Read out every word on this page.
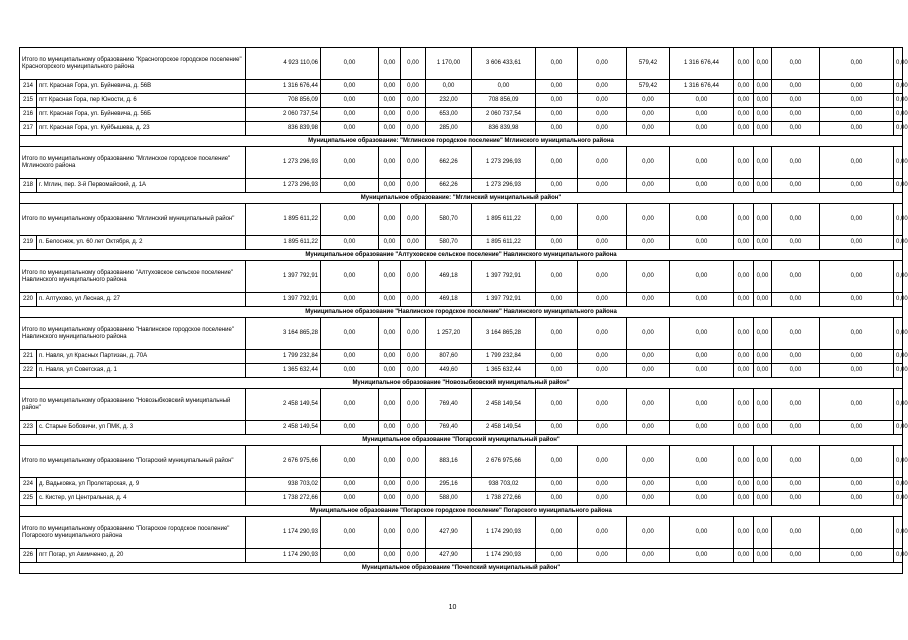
Итого по муниципальному образованию "Красногорское городское поселение" Красногорского муниципального района		4 923 110,06	0,00	0,00	0,00	1 170,00	3 606 433,61	0,00	0,00	579,42	1 316 676,44	0,00	0,00	0,00	0,00	0,00	
214	пгт. Красная Гора, ул. Буйневича, д. 56В	1 316 676,44	0,00	0,00	0,00	0,00	0,00	0,00	0,00	579,42	1 316 676,44	0,00	0,00	0,00	0,00	0,00	
215	пгт Красная Гора, пер Юности, д. 6	708 856,09	0,00	0,00	0,00	232,00	708 856,09	0,00	0,00	0,00	0,00	0,00	0,00	0,00	0,00	0,00	
216	пгт. Красная Гора, ул. Буйневича, д. 56Б	2 060 737,54	0,00	0,00	0,00	653,00	2 060 737,54	0,00	0,00	0,00	0,00	0,00	0,00	0,00	0,00	0,00	
217	пгт. Красная Гора, ул. Куйбышева, д. 23	836 839,98	0,00	0,00	0,00	285,00	836 839,98	0,00	0,00	0,00	0,00	0,00	0,00	0,00	0,00	0,00	
Муниципальное образование: "Мглинское городское поселение" Мглинского муниципального района																	
Итого по муниципальному образованию "Мглинское городское поселение" Мглинского района		1 273 296,93	0,00	0,00	0,00	662,26	1 273 296,93	0,00	0,00	0,00	0,00	0,00	0,00	0,00	0,00	0,00	
218	г. Мглин, пер. 3-й Первомайский, д. 1А	1 273 296,93	0,00	0,00	0,00	662,26	1 273 296,93	0,00	0,00	0,00	0,00	0,00	0,00	0,00	0,00	0,00	
Муниципальное образование: "Мглинский муниципальный район"																	
Итого по муниципальному образованию "Мглинский муниципальный район"		1 895 611,22	0,00	0,00	0,00	580,70	1 895 611,22	0,00	0,00	0,00	0,00	0,00	0,00	0,00	0,00	0,00	
219	п. Белоснеж, ул. 60 лет Октября, д. 2	1 895 611,22	0,00	0,00	0,00	580,70	1 895 611,22	0,00	0,00	0,00	0,00	0,00	0,00	0,00	0,00	0,00	
Муниципальное образование "Алтуховское сельское поселение" Навлинского муниципального района																	
Итого по муниципальному образованию "Алтуховское сельское поселение" Навлинского муниципального района		1 397 792,91	0,00	0,00	0,00	469,18	1 397 792,91	0,00	0,00	0,00	0,00	0,00	0,00	0,00	0,00	0,00	
220	п. Алтухово, ул Лесная, д. 27	1 397 792,91	0,00	0,00	0,00	469,18	1 397 792,91	0,00	0,00	0,00	0,00	0,00	0,00	0,00	0,00	0,00	
Муниципальное образование "Навлинское городское поселение" Навлинского муниципального района																	
Итого по муниципальному образованию "Навлинское городское поселение" Навлинского муниципального района		3 164 865,28	0,00	0,00	0,00	1 257,20	3 164 865,28	0,00	0,00	0,00	0,00	0,00	0,00	0,00	0,00	0,00	
221	п. Навля, ул Красных Партизан, д. 70А	1 799 232,84	0,00	0,00	0,00	807,60	1 799 232,84	0,00	0,00	0,00	0,00	0,00	0,00	0,00	0,00	0,00	
222	п. Навля, ул Советская, д. 1	1 365 632,44	0,00	0,00	0,00	449,60	1 365 632,44	0,00	0,00	0,00	0,00	0,00	0,00	0,00	0,00	0,00	
Муниципальное образование "Новозыбковский муниципальный район"																	
Итого по муниципальному образованию "Новозыбковский муниципальный район"		2 458 149,54	0,00	0,00	0,00	769,40	2 458 149,54	0,00	0,00	0,00	0,00	0,00	0,00	0,00	0,00	0,00	
223	с. Старые Бобовичи, ул ПМК, д. 3	2 458 149,54	0,00	0,00	0,00	769,40	2 458 149,54	0,00	0,00	0,00	0,00	0,00	0,00	0,00	0,00	0,00	
Муниципальное образование "Погарский муниципальный район"																	
Итого по муниципальному образованию "Погарский муниципальный район"		2 676 975,66	0,00	0,00	0,00	883,16	2 676 975,66	0,00	0,00	0,00	0,00	0,00	0,00	0,00	0,00	0,00	
224	д. Вадьковка, ул Пролетарская, д. 9	938 703,02	0,00	0,00	0,00	295,16	938 703,02	0,00	0,00	0,00	0,00	0,00	0,00	0,00	0,00	0,00	
225	с. Кистер, ул Центральная, д. 4	1 738 272,66	0,00	0,00	0,00	588,00	1 738 272,66	0,00	0,00	0,00	0,00	0,00	0,00	0,00	0,00	0,00	
Муниципальное образование "Погарское городское поселение" Погарского муниципального района																	
Итого по муниципальному образованию "Погарское городское поселение" Погарского муниципального района		1 174 290,93	0,00	0,00	0,00	427,90	1 174 290,93	0,00	0,00	0,00	0,00	0,00	0,00	0,00	0,00	0,00	
226	пгт Погар, ул Акимченко, д. 20	1 174 290,93	0,00	0,00	0,00	427,90	1 174 290,93	0,00	0,00	0,00	0,00	0,00	0,00	0,00	0,00	0,00	
Муниципальное образование "Почепский муниципальный район"																	
10
